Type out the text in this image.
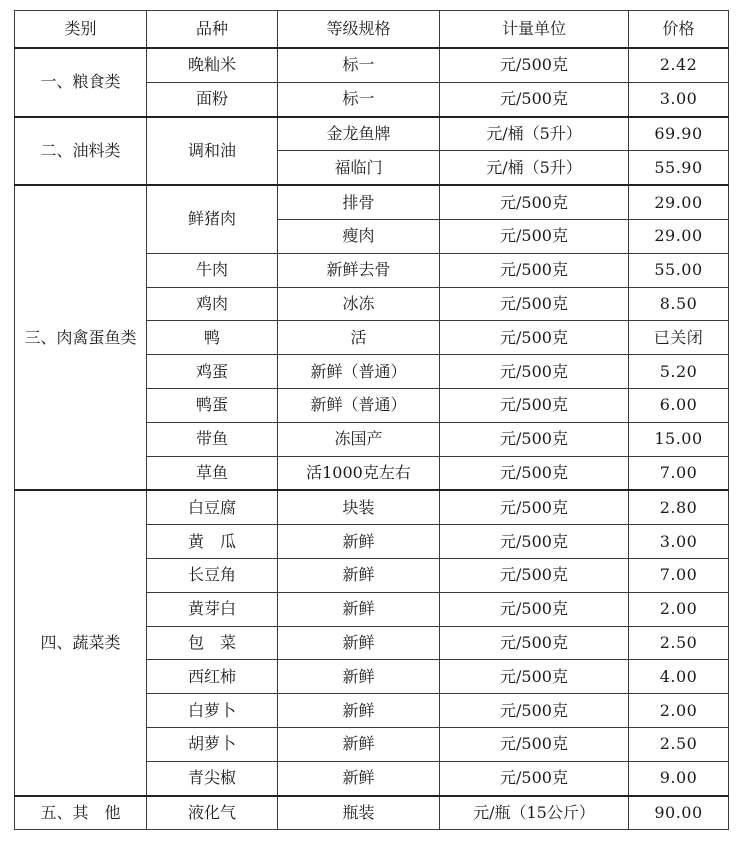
类别	品种	等级规格	计量单位	价格
一、粮食类	晚籼米	标一	元/500克	2.42
	面粉	标一	元/500克	3.00
二、油料类	调和油	金龙鱼牌	元/桶（5升）	69.90
		福临门	元/桶（5升）	55.90
三、肉禽蛋鱼类	鲜猪肉	排骨	元/500克	29.00
		瘦肉	元/500克	29.00
	牛肉	新鲜去骨	元/500克	55.00
	鸡肉	冰冻	元/500克	8.50
	鸭	活	元/500克	已关闭
	鸡蛋	新鲜（普通）	元/500克	5.20
	鸭蛋	新鲜（普通）	元/500克	6.00
	带鱼	冻国产	元/500克	15.00
	草鱼	活1000克左右	元/500克	7.00
四、蔬菜类	白豆腐	块装	元/500克	2.80
	黄　瓜	新鲜	元/500克	3.00
	长豆角	新鲜	元/500克	7.00
	黄芽白	新鲜	元/500克	2.00
	包　菜	新鲜	元/500克	2.50
	西红柿	新鲜	元/500克	4.00
	白萝卜	新鲜	元/500克	2.00
	胡萝卜	新鲜	元/500克	2.50
	青尖椒	新鲜	元/500克	9.00
五、其　他	液化气	瓶装	元/瓶（15公斤）	90.00
